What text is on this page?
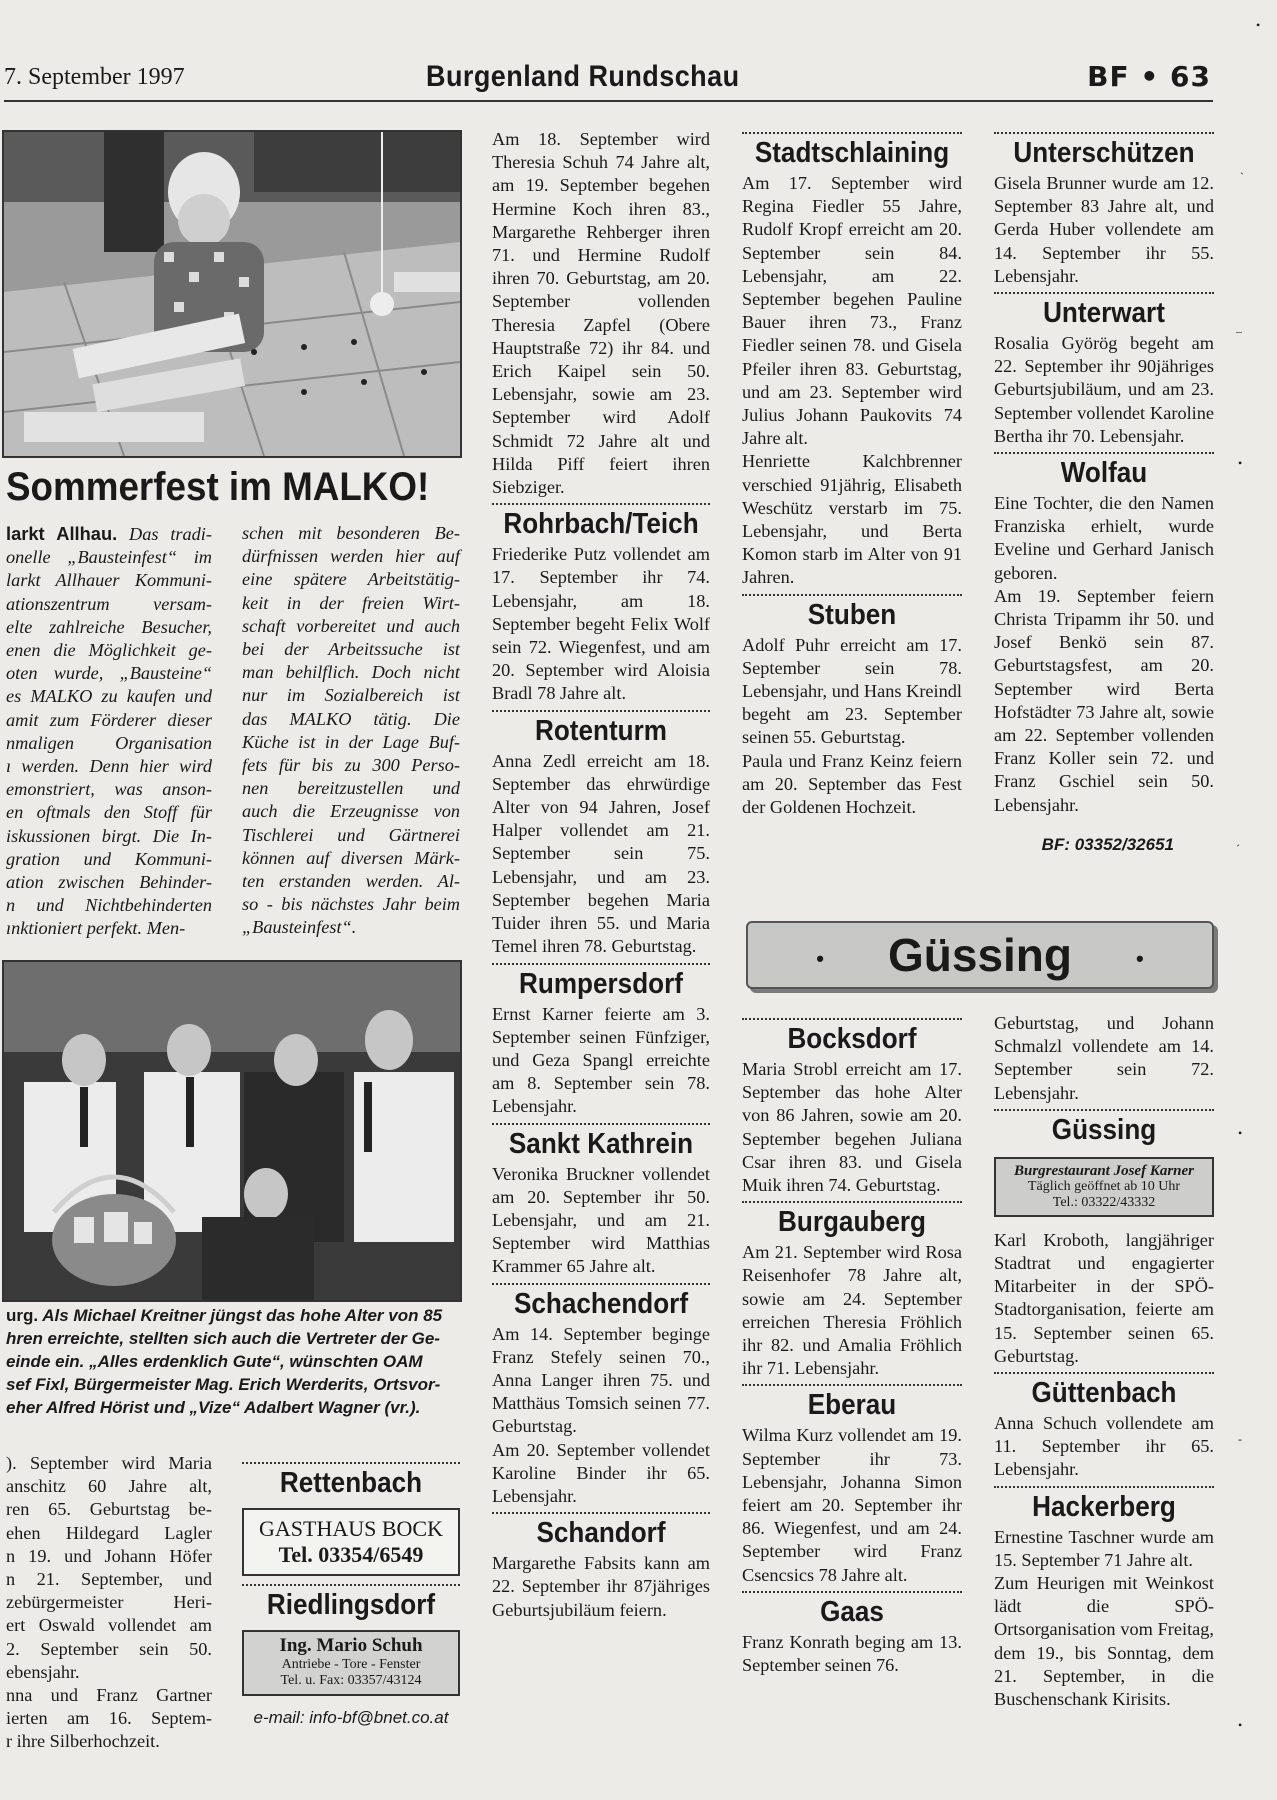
7. September 1997	Burgenland Rundschau	BF • 63
Sommerfest im MALKO!
larkt Allhau. Das tradi-
onelle „Bausteinfest“ im
larkt Allhauer Kommuni-
ationszentrum versam-
elte zahlreiche Besucher,
enen die Möglichkeit ge-
oten wurde, „Bausteine“
es MALKO zu kaufen und
amit zum Förderer dieser
nmaligen Organisation
ı werden. Denn hier wird
emonstriert, was anson-
en oftmals den Stoff für
iskussionen birgt. Die In-
gration und Kommuni-
ation zwischen Behinder-
n und Nichtbehinderten
ınktioniert perfekt. Men-
schen mit besonderen Be-
dürfnissen werden hier auf
eine spätere Arbeitstätig-
keit in der freien Wirt-
schaft vorbereitet und auch
bei der Arbeitssuche ist
man behilflich. Doch nicht
nur im Sozialbereich ist
das MALKO tätig. Die
Küche ist in der Lage Buf-
fets für bis zu 300 Perso-
nen bereitzustellen und
auch die Erzeugnisse von
Tischlerei und Gärtnerei
können auf diversen Märk-
ten erstanden werden. Al-
so - bis nächstes Jahr beim
„Bausteinfest“.
urg. Als Michael Kreitner jüngst das hohe Alter von 85
hren erreichte, stellten sich auch die Vertreter der Ge-
einde ein. „Alles erdenklich Gute“, wünschten OAM
sef Fixl, Bürgermeister Mag. Erich Werderits, Ortsvor-
eher Alfred Hörist und „Vize“ Adalbert Wagner (vr.).
). September wird Maria
anschitz 60 Jahre alt,
ren 65. Geburtstag be-
ehen Hildegard Lagler
n 19. und Johann Höfer
n 21. September, und
zebürgermeister Heri-
ert Oswald vollendet am
2. September sein 50.
ebensjahr.
nna und Franz Gartner
ierten am 16. Septem-
r ihre Silberhochzeit.
Rettenbach
GASTHAUS BOCK
Tel. 03354/6549
Riedlingsdorf
Ing. Mario Schuh
Antriebe - Tore - Fenster
Tel. u. Fax: 03357/43124
e-mail: info-bf@bnet.co.at

Am 18. September wird Theresia Schuh 74 Jahre alt, am 19. September begehen Hermine Koch ihren 83., Margarethe Rehberger ihren 71. und Hermine Rudolf ihren 70. Geburtstag, am 20. September vollenden Theresia Zapfel (Obere Hauptstraße 72) ihr 84. und Erich Kaipel sein 50. Lebensjahr, sowie am 23. September wird Adolf Schmidt 72 Jahre alt und Hilda Piff feiert ihren Siebziger.

Rohrbach/Teich

Friederike Putz vollendet am 17. September ihr 74. Lebensjahr, am 18. September begeht Felix Wolf sein 72. Wiegenfest, und am 20. September wird Aloisia Bradl 78 Jahre alt.

Rotenturm

Anna Zedl erreicht am 18. September das ehrwürdige Alter von 94 Jahren, Josef Halper vollendet am 21. September sein 75. Lebensjahr, und am 23. September begehen Maria Tuider ihren 55. und Maria Temel ihren 78. Geburtstag.

Rumpersdorf

Ernst Karner feierte am 3. September seinen Fünfziger, und Geza Spangl erreichte am 8. September sein 78. Lebensjahr.

Sankt Kathrein

Veronika Bruckner vollendet am 20. September ihr 50. Lebensjahr, und am 21. September wird Matthias Krammer 65 Jahre alt.

Schachendorf

Am 14. September beginge Franz Stefely seinen 70., Anna Langer ihren 75. und Matthäus Tomsich seinen 77. Geburtstag.

Am 20. September vollendet Karoline Binder ihr 65. Lebensjahr.

Schandorf

Margarethe Fabsits kann am 22. September ihr 87jähriges Geburtsjubiläum feiern.

Stadtschlaining

Am 17. September wird Regina Fiedler 55 Jahre, Rudolf Kropf erreicht am 20. September sein 84. Lebensjahr, am 22. September begehen Pauline Bauer ihren 73., Franz Fiedler seinen 78. und Gisela Pfeiler ihren 83. Geburtstag, und am 23. September wird Julius Johann Paukovits 74 Jahre alt.

Henriette Kalchbrenner verschied 91jährig, Elisabeth Weschütz verstarb im 75. Lebensjahr, und Berta Komon starb im Alter von 91 Jahren.

Stuben

Adolf Puhr erreicht am 17. September sein 78. Lebensjahr, und Hans Kreindl begeht am 23. September seinen 55. Geburtstag.

Paula und Franz Keinz feiern am 20. September das Fest der Goldenen Hochzeit.

Bocksdorf

Maria Strobl erreicht am 17. September das hohe Alter von 86 Jahren, sowie am 20. September begehen Juliana Csar ihren 83. und Gisela Muik ihren 74. Geburtstag.

Burgauberg

Am 21. September wird Rosa Reisenhofer 78 Jahre alt, sowie am 24. September erreichen Theresia Fröhlich ihr 82. und Amalia Fröhlich ihr 71. Lebensjahr.

Eberau

Wilma Kurz vollendet am 19. September ihr 73. Lebensjahr, Johanna Simon feiert am 20. September ihr 86. Wiegenfest, und am 24. September wird Franz Csencsics 78 Jahre alt.

Gaas

Franz Konrath beging am 13. September seinen 76.

Unterschützen

Gisela Brunner wurde am 12. September 83 Jahre alt, und Gerda Huber vollendete am 14. September ihr 55. Lebensjahr.

Unterwart

Rosalia Györög begeht am 22. September ihr 90jähriges Geburtsjubiläum, und am 23. September vollendet Karoline Bertha ihr 70. Lebensjahr.

Wolfau

Eine Tochter, die den Namen Franziska erhielt, wurde Eveline und Gerhard Janisch geboren.

Am 19. September feiern Christa Tripamm ihr 50. und Josef Benkö sein 87. Geburtstagsfest, am 20. September wird Berta Hofstädter 73 Jahre alt, sowie am 22. September vollenden Franz Koller sein 72. und Franz Gschiel sein 50. Lebensjahr.

BF: 03352/32651

Geburtstag, und Johann Schmalzl vollendete am 14. September sein 72. Lebensjahr.

Güssing
Burgrestaurant Josef Karner
Täglich geöffnet ab 10 Uhr
Tel.: 03322/43332

Karl Kroboth, langjähriger Stadtrat und engagierter Mitarbeiter in der SPÖ-Stadtorganisation, feierte am 15. September seinen 65. Geburtstag.

Güttenbach

Anna Schuch vollendete am 11. September ihr 65. Lebensjahr.

Hackerberg

Ernestine Taschner wurde am 15. September 71 Jahre alt.

Zum Heurigen mit Weinkost lädt die SPÖ-Ortsorganisation vom Freitag, dem 19., bis Sonntag, dem 21. September, in die Buschenschank Kirisits.

• Güssing	•
•
`
–
•
´
•
-
•
